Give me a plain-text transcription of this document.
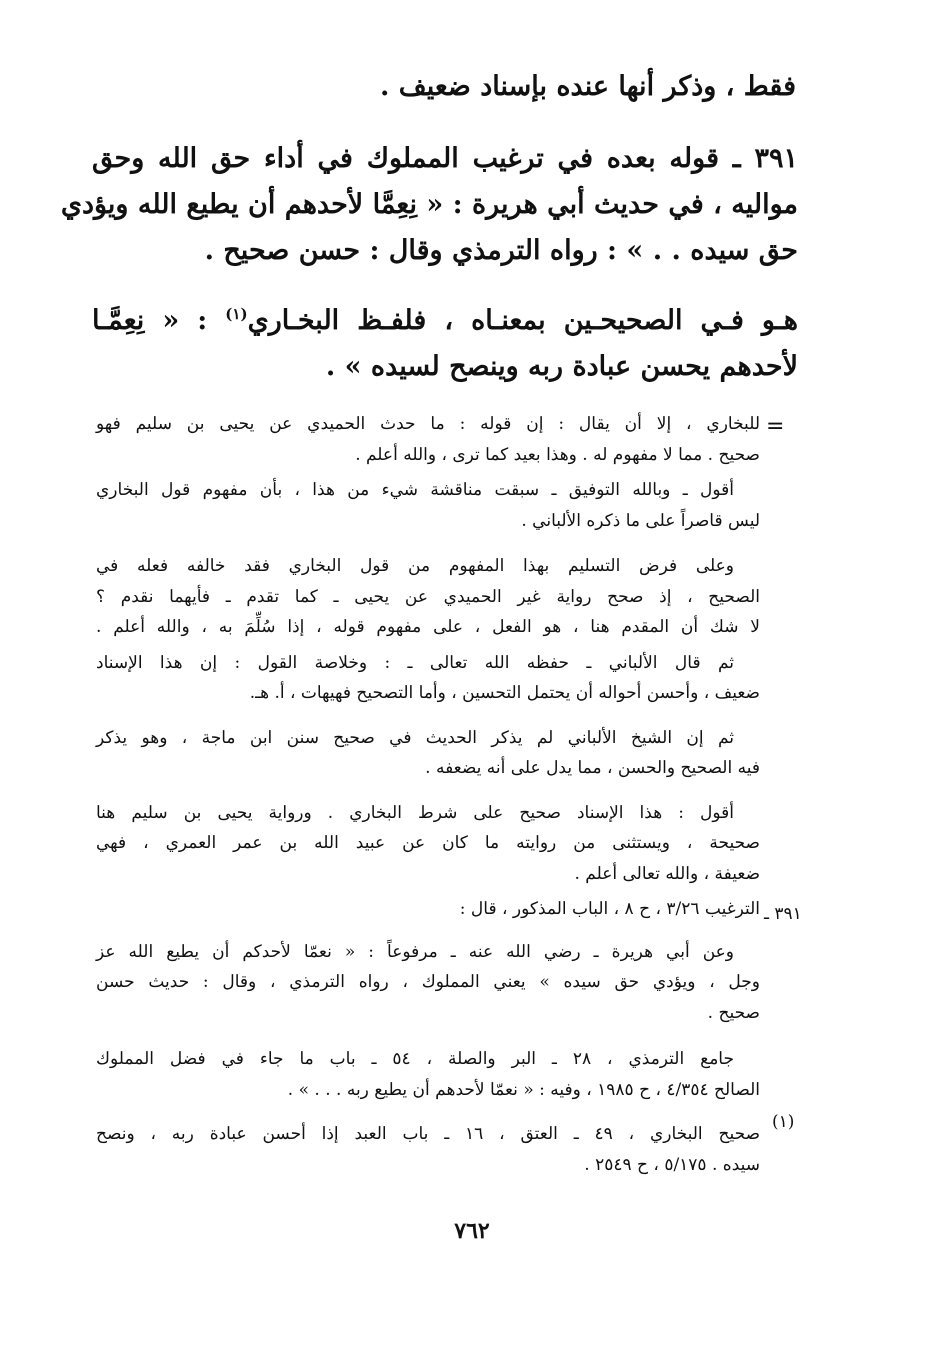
فقط ، وذكر أنها عنده بإسناد ضعيف .
٣٩١ ـ قوله بعده في ترغيب المملوك في أداء حق الله وحق
مواليه ، في حديث أبي هريرة : « نِعِمَّا لأحدهم أن يطيع الله ويؤدي
حق سيده . . » : رواه الترمذي وقال : حسن صحيح .
هـو فـي الصحيحـين بمعنـاه ، فلفـظ البخـاري$^{(١)}$ : « نِعِمَّـا
لأحدهم يحسن عبادة ربه وينصح لسيده » .
=
٣٩١ ـ
(١)

للبخاري ، إلا أن يقال : إن قوله : ما حدث الحميدي عن يحيى بن سليم فهو
صحيح . مما لا مفهوم له . وهذا بعيد كما ترى ، والله أعلم .

أقول ـ وبالله التوفيق ـ سبقت مناقشة شيء من هذا ، بأن مفهوم قول البخاري
ليس قاصراً على ما ذكره الألباني .

وعلى فرض التسليم بهذا المفهوم من قول البخاري فقد خالفه فعله في
الصحيح ، إذ صحح رواية غير الحميدي عن يحيى ـ كما تقدم ـ فأيهما نقدم ؟
لا شك أن المقدم هنا ، هو الفعل ، على مفهوم قوله ، إذا سُلِّمَ به ، والله أعلم .

ثم قال الألباني ـ حفظه الله تعالى ـ : وخلاصة القول : إن هذا الإسناد
ضعيف ، وأحسن أحواله أن يحتمل التحسين ، وأما التصحيح فهيهات ، أ. هـ.

ثم إن الشيخ الألباني لم يذكر الحديث في صحيح سنن ابن ماجة ، وهو يذكر
فيه الصحيح والحسن ، مما يدل على أنه يضعفه .

أقول : هذا الإسناد صحيح على شرط البخاري . ورواية يحيى بن سليم هنا
صحيحة ، ويستثنى من روايته ما كان عن عبيد الله بن عمر العمري ، فهي
ضعيفة ، والله تعالى أعلم .

الترغيب ٣/٢٦ ، ح ٨ ، الباب المذكور ، قال :

وعن أبي هريرة ـ رضي الله عنه ـ مرفوعاً : « نعمّا لأحدكم أن يطيع الله عز
وجل ، ويؤدي حق سيده » يعني المملوك ، رواه الترمذي ، وقال : حديث حسن
صحيح .

جامع الترمذي ، ٢٨ ـ البر والصلة ، ٥٤ ـ باب ما جاء في فضل المملوك
الصالح ٤/٣٥٤ ، ح ١٩٨٥ ، وفيه : « نعمّا لأحدهم أن يطيع ربه . . . » .

صحيح البخاري ، ٤٩ ـ العتق ، ١٦ ـ باب العبد إذا أحسن عبادة ربه ، ونصح
سيده . ٥/١٧٥ ، ح ٢٥٤٩ .

٧٦٢
